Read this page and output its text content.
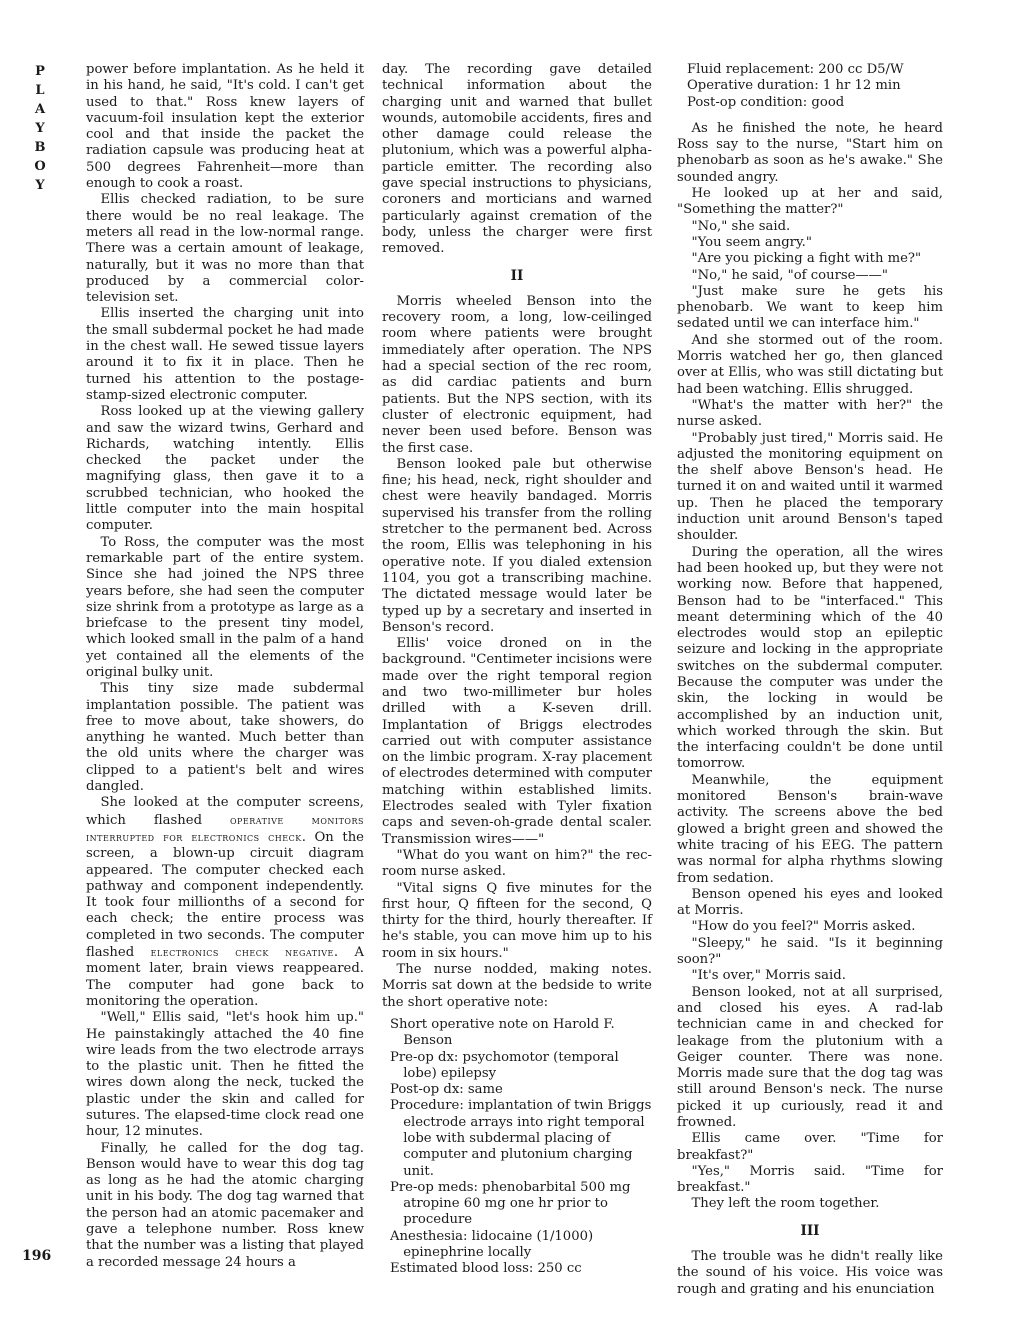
P
L
A
Y
B
O
Y
196

power before implantation. As he held it in his hand, he said, "It's cold. I can't get used to that." Ross knew layers of vacuum-foil insulation kept the exterior cool and that inside the packet the radiation capsule was producing heat at 500 degrees Fahrenheit—more than enough to cook a roast.

Ellis checked radiation, to be sure there would be no real leakage. The meters all read in the low-normal range. There was a certain amount of leakage, naturally, but it was no more than that produced by a commercial color-television set.

Ellis inserted the charging unit into the small subdermal pocket he had made in the chest wall. He sewed tissue layers around it to fix it in place. Then he turned his attention to the postage-stamp-sized electronic computer.

Ross looked up at the viewing gallery and saw the wizard twins, Gerhard and Richards, watching intently. Ellis checked the packet under the magnifying glass, then gave it to a scrubbed technician, who hooked the little computer into the main hospital computer.

To Ross, the computer was the most remarkable part of the entire system. Since she had joined the NPS three years before, she had seen the computer size shrink from a prototype as large as a briefcase to the present tiny model, which looked small in the palm of a hand yet contained all the elements of the original bulky unit.

This tiny size made subdermal implantation possible. The patient was free to move about, take showers, do anything he wanted. Much better than the old units where the charger was clipped to a patient's belt and wires dangled.

She looked at the computer screens, which flashed operative monitors interrupted for electronics check. On the screen, a blown-up circuit diagram appeared. The computer checked each pathway and component independently. It took four millionths of a second for each check; the entire process was completed in two seconds. The computer flashed electronics check negative. A moment later, brain views reappeared. The computer had gone back to monitoring the operation.

"Well," Ellis said, "let's hook him up." He painstakingly attached the 40 fine wire leads from the two electrode arrays to the plastic unit. Then he fitted the wires down along the neck, tucked the plastic under the skin and called for sutures. The elapsed-time clock read one hour, 12 minutes.

Finally, he called for the dog tag. Benson would have to wear this dog tag as long as he had the atomic charging unit in his body. The dog tag warned that the person had an atomic pacemaker and gave a telephone number. Ross knew that the number was a listing that played a recorded message 24 hours a

day. The recording gave detailed technical information about the charging unit and warned that bullet wounds, automobile accidents, fires and other damage could release the plutonium, which was a powerful alpha-particle emitter. The recording also gave special instructions to physicians, coroners and morticians and warned particularly against cremation of the body, unless the charger were first removed.

II

Morris wheeled Benson into the recovery room, a long, low-ceilinged room where patients were brought immediately after operation. The NPS had a special section of the rec room, as did cardiac patients and burn patients. But the NPS section, with its cluster of electronic equipment, had never been used before. Benson was the first case.

Benson looked pale but otherwise fine; his head, neck, right shoulder and chest were heavily bandaged. Morris supervised his transfer from the rolling stretcher to the permanent bed. Across the room, Ellis was telephoning in his operative note. If you dialed extension 1104, you got a transcribing machine. The dictated message would later be typed up by a secretary and inserted in Benson's record.

Ellis' voice droned on in the background. "Centimeter incisions were made over the right temporal region and two two-millimeter bur holes drilled with a K-seven drill. Implantation of Briggs electrodes carried out with computer assistance on the limbic program. X-ray placement of electrodes determined with computer matching within established limits. Electrodes sealed with Tyler fixation caps and seven-oh-grade dental scaler. Transmission wires——"

"What do you want on him?" the rec-room nurse asked.

"Vital signs Q five minutes for the first hour, Q fifteen for the second, Q thirty for the third, hourly thereafter. If he's stable, you can move him up to his room in six hours."

The nurse nodded, making notes. Morris sat down at the bedside to write the short operative note:

Short operative note on Harold F. Benson

Pre-op dx: psychomotor (temporal lobe) epilepsy

Post-op dx: same

Procedure: implantation of twin Briggs electrode arrays into right temporal lobe with subdermal placing of computer and plutonium charging unit.

Pre-op meds: phenobarbital 500 mg atropine 60 mg one hr prior to procedure

Anesthesia: lidocaine (1/1000) epinephrine locally

Estimated blood loss: 250 cc

Fluid replacement: 200 cc D5/W

Operative duration: 1 hr 12 min

Post-op condition: good

As he finished the note, he heard Ross say to the nurse, "Start him on phenobarb as soon as he's awake." She sounded angry.

He looked up at her and said, "Something the matter?"

"No," she said.

"You seem angry."

"Are you picking a fight with me?"

"No," he said, "of course——"

"Just make sure he gets his phenobarb. We want to keep him sedated until we can interface him."

And she stormed out of the room. Morris watched her go, then glanced over at Ellis, who was still dictating but had been watching. Ellis shrugged.

"What's the matter with her?" the nurse asked.

"Probably just tired," Morris said. He adjusted the monitoring equipment on the shelf above Benson's head. He turned it on and waited until it warmed up. Then he placed the temporary induction unit around Benson's taped shoulder.

During the operation, all the wires had been hooked up, but they were not working now. Before that happened, Benson had to be "interfaced." This meant determining which of the 40 electrodes would stop an epileptic seizure and locking in the appropriate switches on the subdermal computer. Because the computer was under the skin, the locking in would be accomplished by an induction unit, which worked through the skin. But the interfacing couldn't be done until tomorrow.

Meanwhile, the equipment monitored Benson's brain-wave activity. The screens above the bed glowed a bright green and showed the white tracing of his EEG. The pattern was normal for alpha rhythms slowing from sedation.

Benson opened his eyes and looked at Morris.

"How do you feel?" Morris asked.

"Sleepy," he said. "Is it beginning soon?"

"It's over," Morris said.

Benson looked, not at all surprised, and closed his eyes. A rad-lab technician came in and checked for leakage from the plutonium with a Geiger counter. There was none. Morris made sure that the dog tag was still around Benson's neck. The nurse picked it up curiously, read it and frowned.

Ellis came over. "Time for breakfast?"

"Yes," Morris said. "Time for breakfast."

They left the room together.

III

The trouble was he didn't really like the sound of his voice. His voice was rough and grating and his enunciation
